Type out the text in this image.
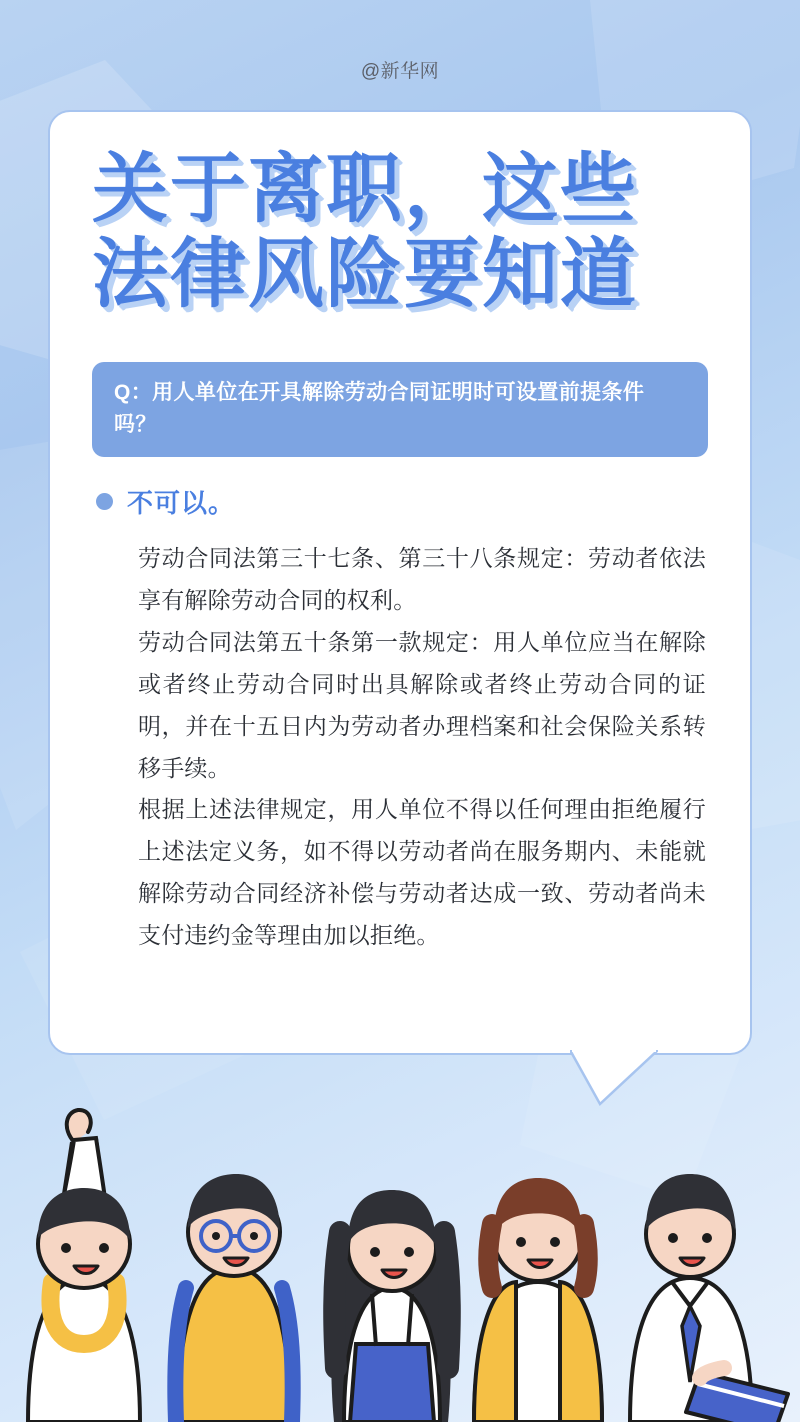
@新华网
关于离职，这些
法律风险要知道
Q：用人单位在开具解除劳动合同证明时可设置前提条件吗？
不可以。

劳动合同法第三十七条、第三十八条规定：劳动者依法享有解除劳动合同的权利。

劳动合同法第五十条第一款规定：用人单位应当在解除或者终止劳动合同时出具解除或者终止劳动合同的证明，并在十五日内为劳动者办理档案和社会保险关系转移手续。

根据上述法律规定，用人单位不得以任何理由拒绝履行上述法定义务，如不得以劳动者尚在服务期内、未能就解除劳动合同经济补偿与劳动者达成一致、劳动者尚未支付违约金等理由加以拒绝。
